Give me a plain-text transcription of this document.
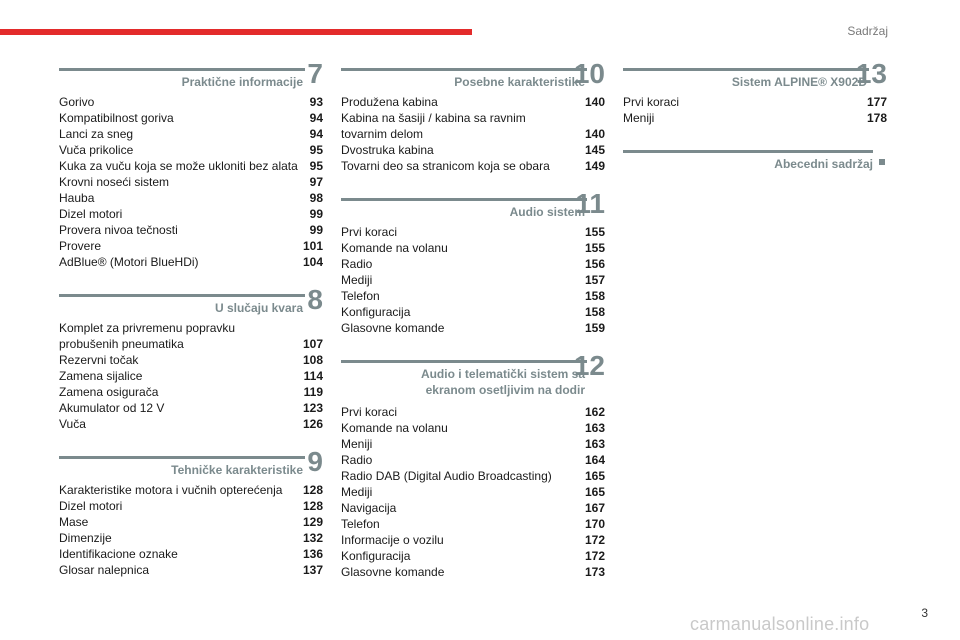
Sadržaj
7
Praktične informacije
Gorivo	93
Kompatibilnost goriva	94
Lanci za sneg	94
Vuča prikolice	95
Kuka za vuču koja se može ukloniti bez alata 95
Krovni noseći sistem	97
Hauba	98
Dizel motori	99
Provera nivoa tečnosti	99
Provere	101
AdBlue® (Motori BlueHDi)	104
8
U slučaju kvara
Komplet za privremenu popravku probušenih pneumatika	107
Rezervni točak	108
Zamena sijalice	114
Zamena osigurača	119
Akumulator od 12 V	123
Vuča	126
9
Tehničke karakteristike
Karakteristike motora i vučnih opterećenja	128
Dizel motori	128
Mase	129
Dimenzije	132
Identifikacione oznake	136
Glosar nalepnica	137
10
Posebne karakteristike
Produžena kabina	140
Kabina na šasiji / kabina sa ravnim tovarnim delom	140
Dvostruka kabina	145
Tovarni deo sa stranicom koja se obara	149
11
Audio sistem
Prvi koraci	155
Komande na volanu	155
Radio	156
Mediji	157
Telefon	158
Konfiguracija	158
Glasovne komande	159
12
Audio i telematički sistem sa ekranom osetljivim na dodir
Prvi koraci	162
Komande na volanu	163
Meniji	163
Radio	164
Radio DAB (Digital Audio Broadcasting)	165
Mediji	165
Navigacija	167
Telefon	170
Informacije o vozilu	172
Konfiguracija	172
Glasovne komande	173
13
Sistem ALPINE® X902D
Prvi koraci	177
Meniji	178
Abecedni sadržaj
3
carmanualsonline.info
